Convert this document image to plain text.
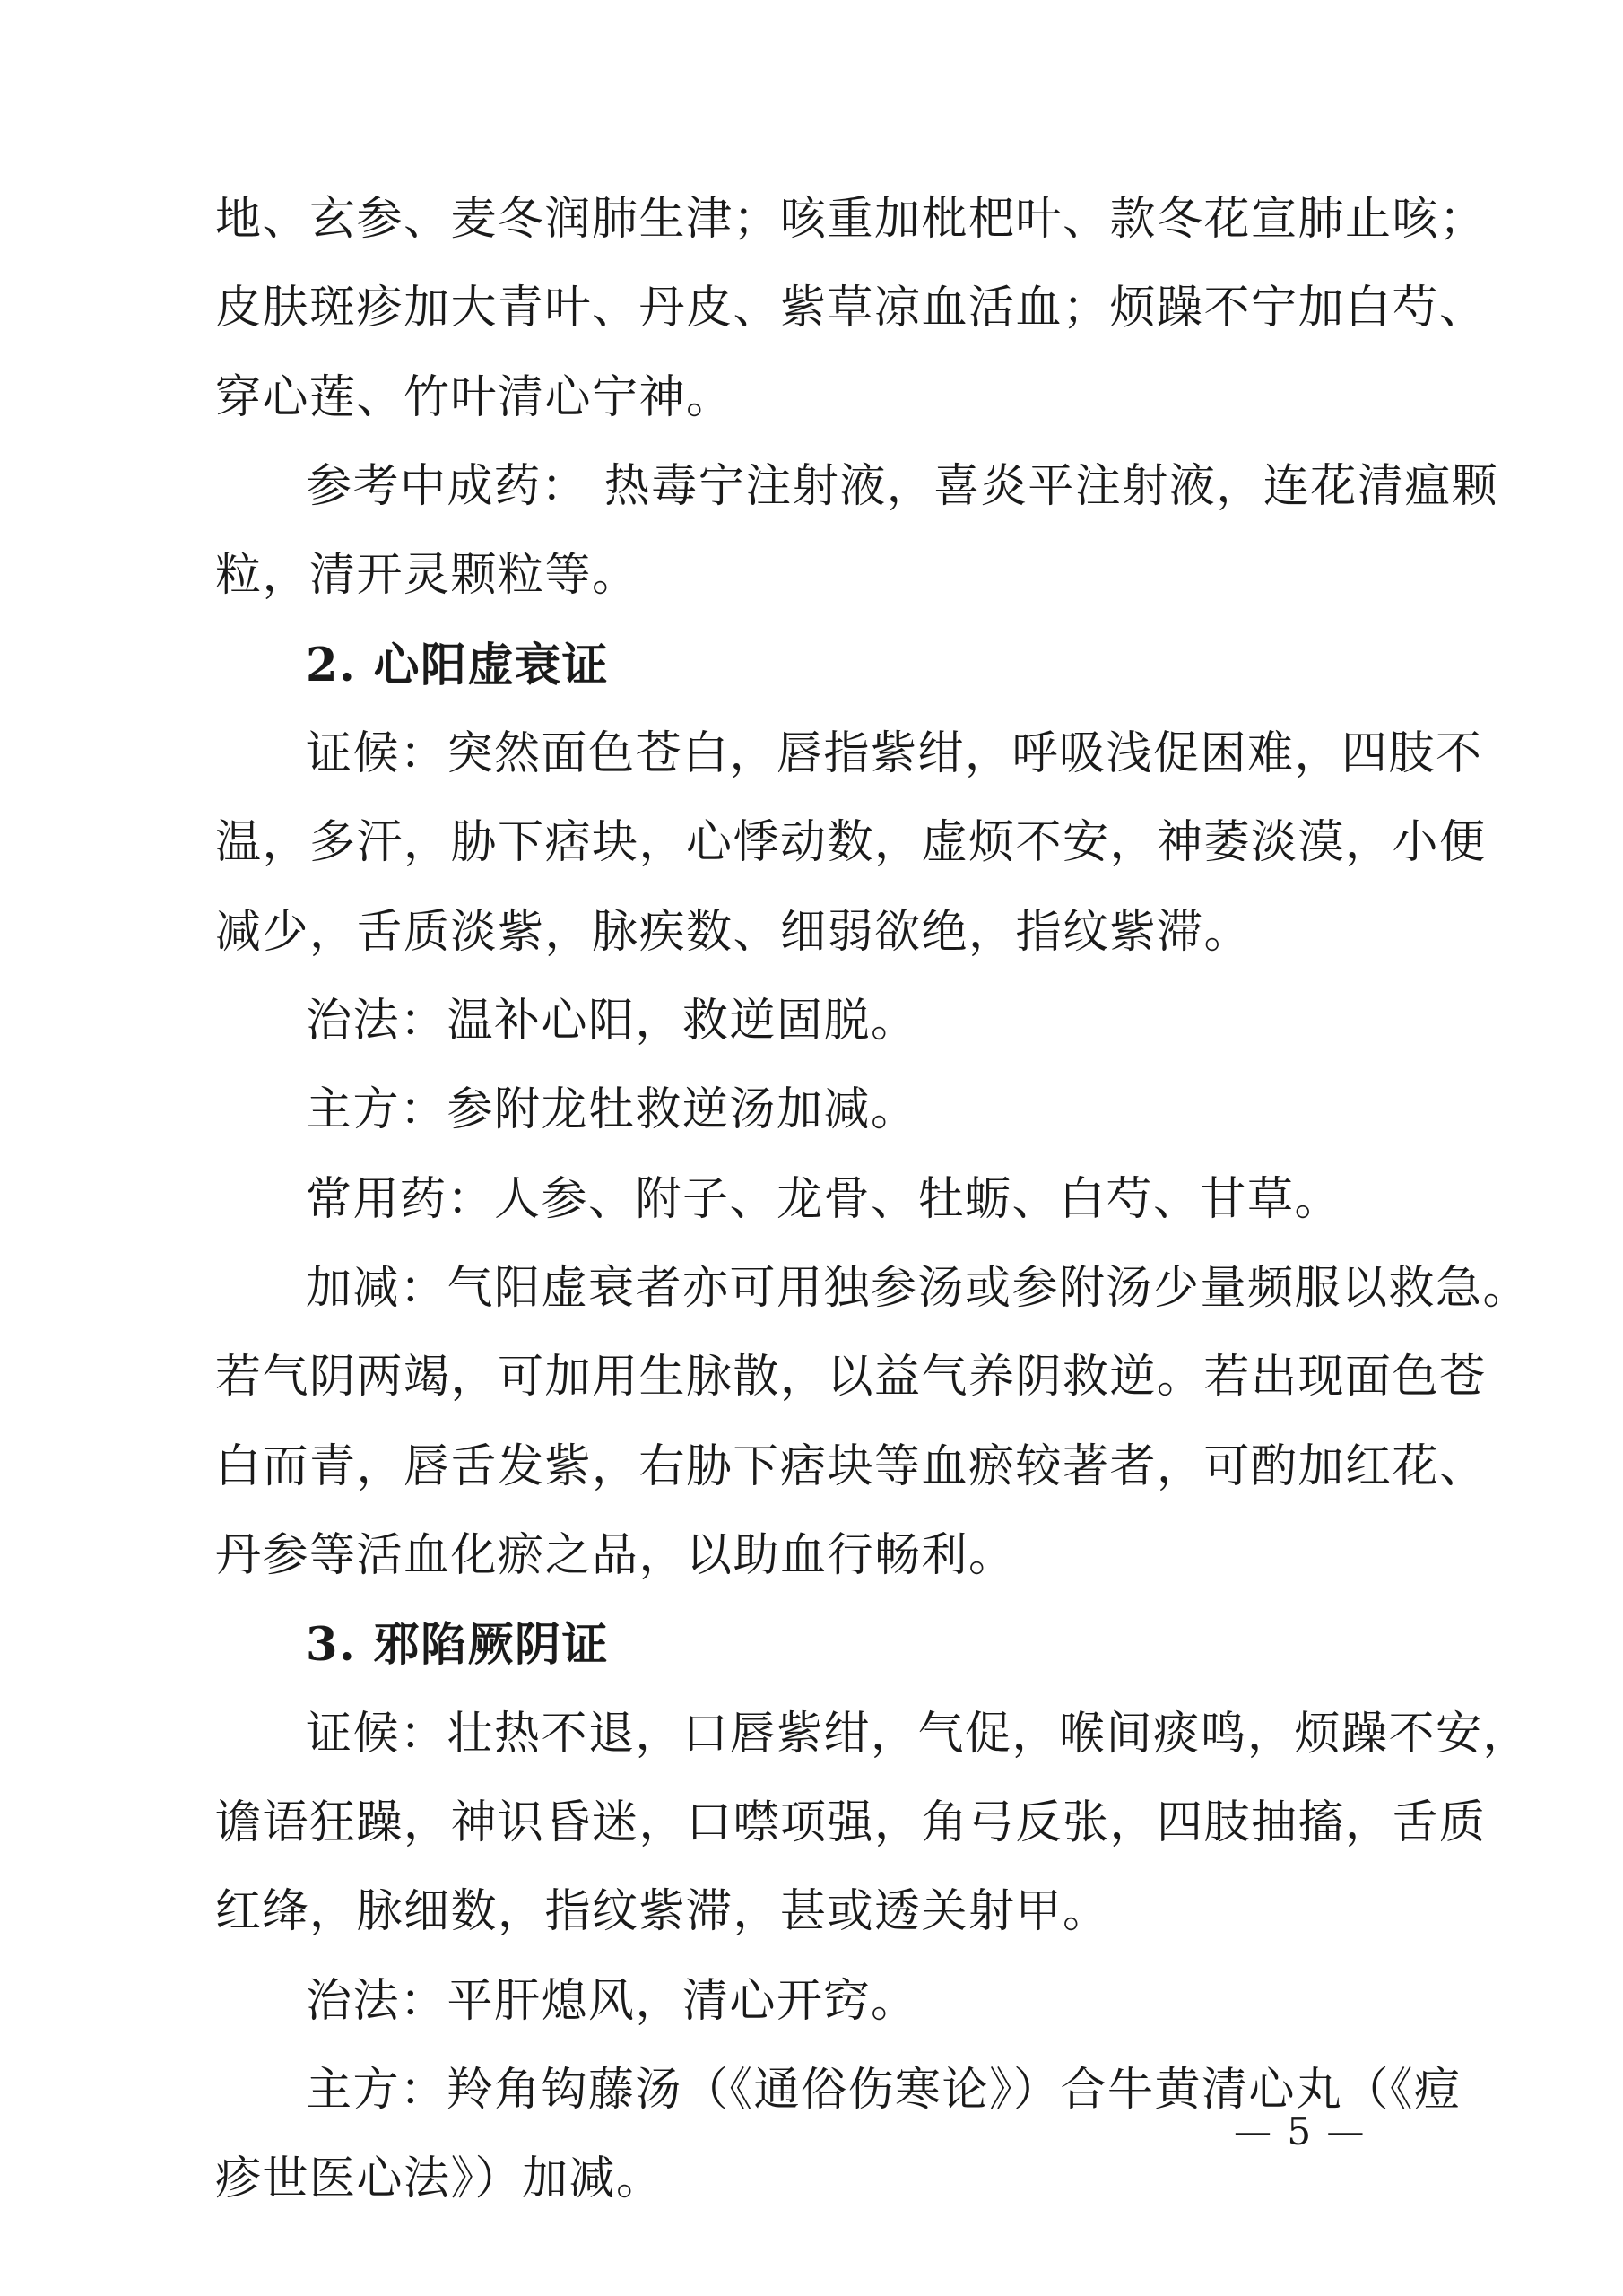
地、玄参、麦冬润肺生津；咳重加枇杷叶、款冬花宣肺止咳；
皮肤斑疹加大青叶、丹皮、紫草凉血活血；烦躁不宁加白芍、
穿心莲、竹叶清心宁神。
参考中成药： 热毒宁注射液，喜炎平注射液，连花清瘟颗
粒，清开灵颗粒等。
2. 心阳虚衰证
证候：突然面色苍白，唇指紫绀，呼吸浅促困难，四肢不
温，多汗，胁下痞块，心悸动数，虚烦不安，神萎淡漠，小便
减少，舌质淡紫，脉疾数、细弱欲绝，指纹紫滞。
治法：温补心阳，救逆固脱。
主方：参附龙牡救逆汤加减。
常用药：人参、附子、龙骨、牡蛎、白芍、甘草。
加减：气阳虚衰者亦可用独参汤或参附汤少量频服以救急。
若气阴两竭，可加用生脉散，以益气养阴救逆。若出现面色苍
白而青，唇舌发紫，右胁下痞块等血瘀较著者，可酌加红花、
丹参等活血化瘀之品，以助血行畅利。
3. 邪陷厥阴证
证候：壮热不退，口唇紫绀，气促，喉间痰鸣，烦躁不安，
谵语狂躁，神识昏迷，口噤项强，角弓反张，四肢抽搐，舌质
红绛，脉细数，指纹紫滞，甚或透关射甲。
治法：平肝熄风，清心开窍。
主方：羚角钩藤汤（《通俗伤寒论》）合牛黄清心丸（《痘
疹世医心法》）加减。
— 5 —
